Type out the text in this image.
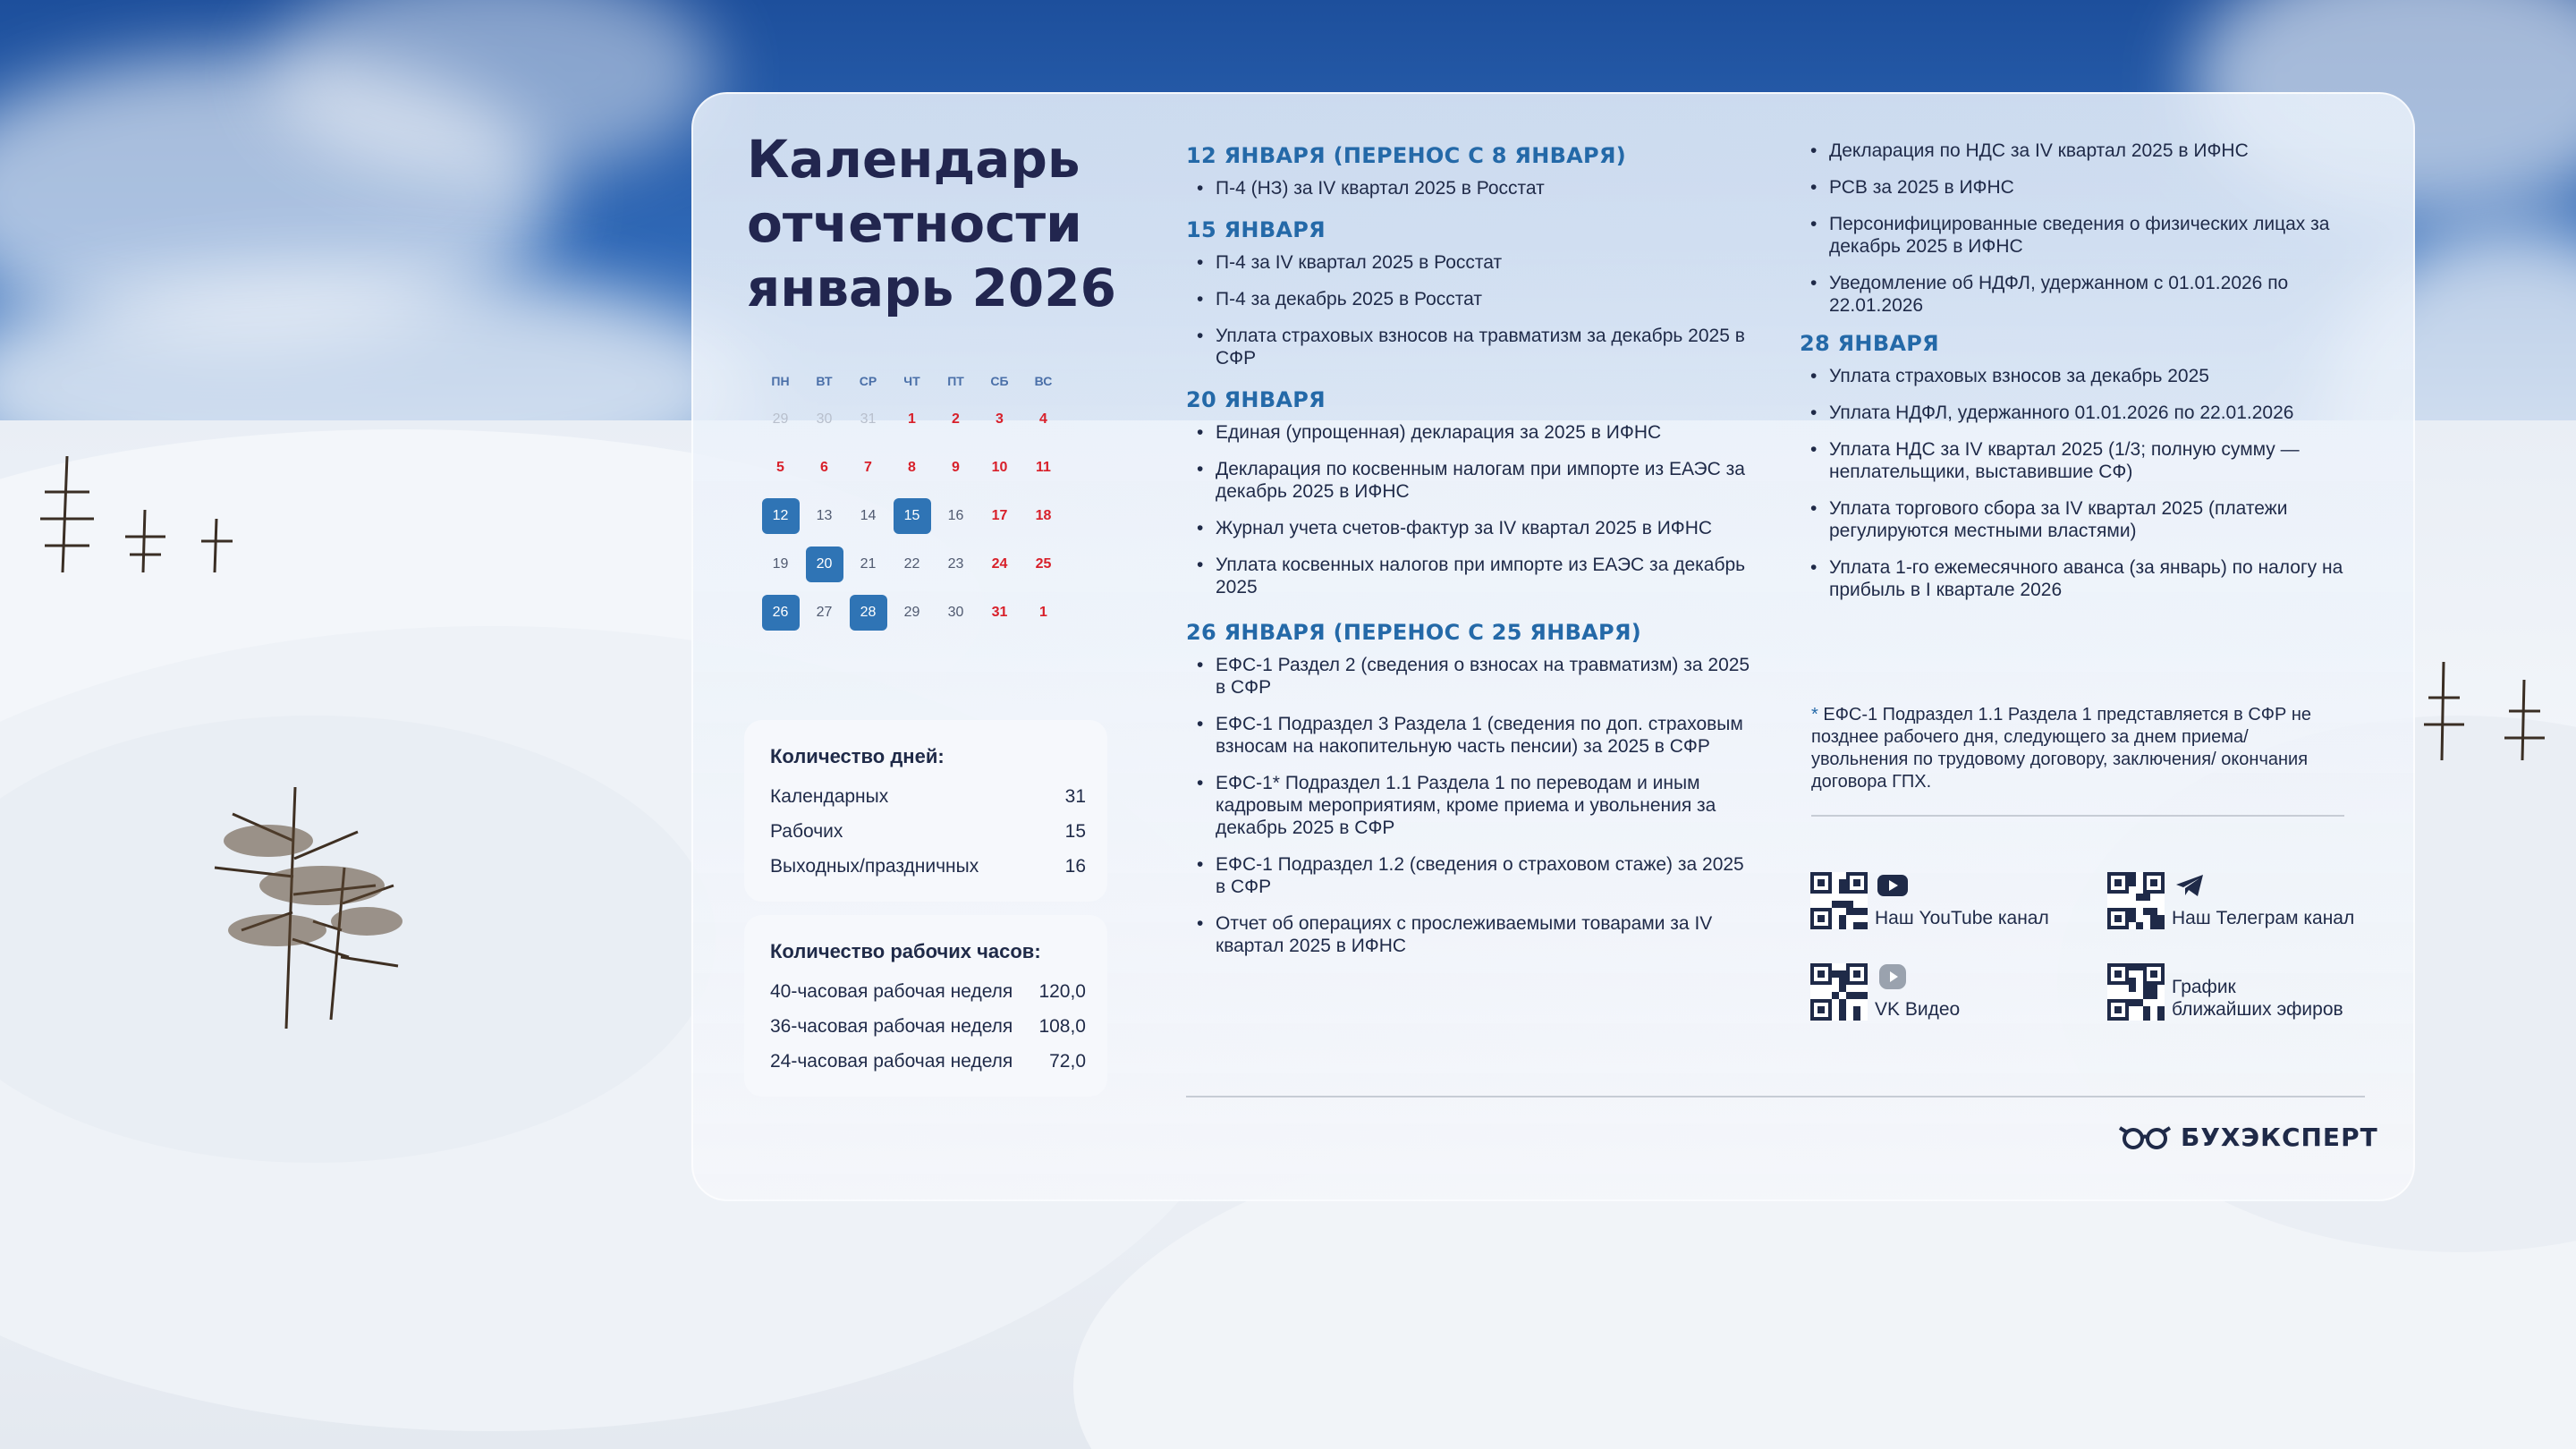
Календарь
отчетности
январь 2026
ПН	ВТ	СР	ЧТ	ПТ	СБ	ВС
29	30	31	1	2	3	4
5	6	7	8	9	10	11
12	13	14	15	16	17	18
19	20	21	22	23	24	25
26	27	28	29	30	31	1
Количество дней:
Календарных	31
Рабочих	15
Выходных/праздничных	16
Количество рабочих часов:
40-часовая рабочая неделя 120,0
36-часовая рабочая неделя 108,0
24-часовая рабочая неделя 72,0
12 ЯНВАРЯ (ПЕРЕНОС С 8 ЯНВАРЯ)
• П-4 (НЗ) за IV квартал 2025 в Росстат
15 ЯНВАРЯ
• П-4 за IV квартал 2025 в Росстат
• П-4 за декабрь 2025 в Росстат
• Уплата страховых взносов на травматизм за декабрь 2025 в СФР
20 ЯНВАРЯ
• Единая (упрощенная) декларация за 2025 в ИФНС
• Декларация по косвенным налогам при импорте из ЕАЭС за декабрь 2025 в ИФНС
• Журнал учета счетов-фактур за IV квартал 2025 в ИФНС
• Уплата косвенных налогов при импорте из ЕАЭС за декабрь 2025
26 ЯНВАРЯ (ПЕРЕНОС С 25 ЯНВАРЯ)
• ЕФС-1 Раздел 2 (сведения о взносах на травматизм) за 2025 в СФР
• ЕФС-1 Подраздел 3 Раздела 1 (сведения по доп. страховым взносам на накопительную часть пенсии) за 2025 в СФР
• ЕФС-1* Подраздел 1.1 Раздела 1 по переводам и иным кадровым мероприятиям, кроме приема и увольнения за декабрь 2025 в СФР
• ЕФС-1 Подраздел 1.2 (сведения о страховом стаже) за 2025 в СФР
• Отчет об операциях с прослеживаемыми товарами за IV квартал 2025 в ИФНС
• Декларация по НДС за IV квартал 2025 в ИФНС
• РСВ за 2025 в ИФНС
• Персонифицированные сведения о физических лицах за декабрь 2025 в ИФНС
• Уведомление об НДФЛ, удержанном с 01.01.2026 по 22.01.2026
28 ЯНВАРЯ
• Уплата страховых взносов за декабрь 2025
• Уплата НДФЛ, удержанного 01.01.2026 по 22.01.2026
• Уплата НДС за IV квартал 2025 (1/3; полную сумму — неплательщики, выставившие СФ)
• Уплата торгового сбора за IV квартал 2025 (платежи регулируются местными властями)
• Уплата 1-го ежемесячного аванса (за январь) по налогу на прибыль в I квартале 2026
* ЕФС-1 Подраздел 1.1 Раздела 1 представляется в СФР не позднее рабочего дня, следующего за днем приема/ увольнения по трудовому договору, заключения/ окончания договора ГПХ.
Наш YouTube канал	Наш Телеграм канал
VK Видео
График
ближайших эфиров
БУХЭКСПЕРТ
